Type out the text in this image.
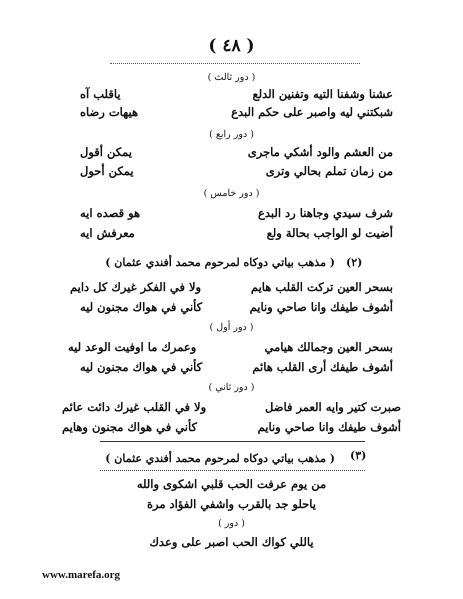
( ٤٨ )
( دور ثالث )
عشنا وشفنا التيه وتفنين الدلع
ياقلب آه
شبكتني ليه واصبر على حكم البدع
هيهات رضاه
( دور رابع )
من العشم والود أشكي ماجرى
يمكن أقول
من زمان تملم بحالي وترى
يمكن أحول
( دور خامس )
شرف سيدي وجاهنا رد البدع
هو قصده ايه
أضيت لو الواجب بحالة ولع
معرفش ايه
(٢)
( مذهب بياتي دوكاه لمرحوم محمد أفندي عثمان )
بسحر العين تركت القلب هايم
ولا في الفكر غيرك كل دايم
أشوف طيفك وانا صاحي ونايم
كأني في هواك مجنون ليه
( دور أول )
بسحر العين وجمالك هيامي
وعمرك ما اوفيت الوعد ليه
أشوف طيفك أرى القلب هائم
كأني في هواك مجنون ليه
( دور ثاني )
صبرت كتير وايه العمر فاضل
ولا في القلب غيرك دائت عائم
أشوف طيفك وانا صاحي ونايم
كأني في هواك مجنون وهايم
(٣)
( مذهب بياتي دوكاه لمرحوم محمد أفندي عثمان )
من يوم عرفت الحب قلبي اشكوى والله
ياحلو جد بالقرب واشفي الفؤاد مرة
( دور )
ياللي كواك الحب اصبر على وعدك
www.marefa.org
